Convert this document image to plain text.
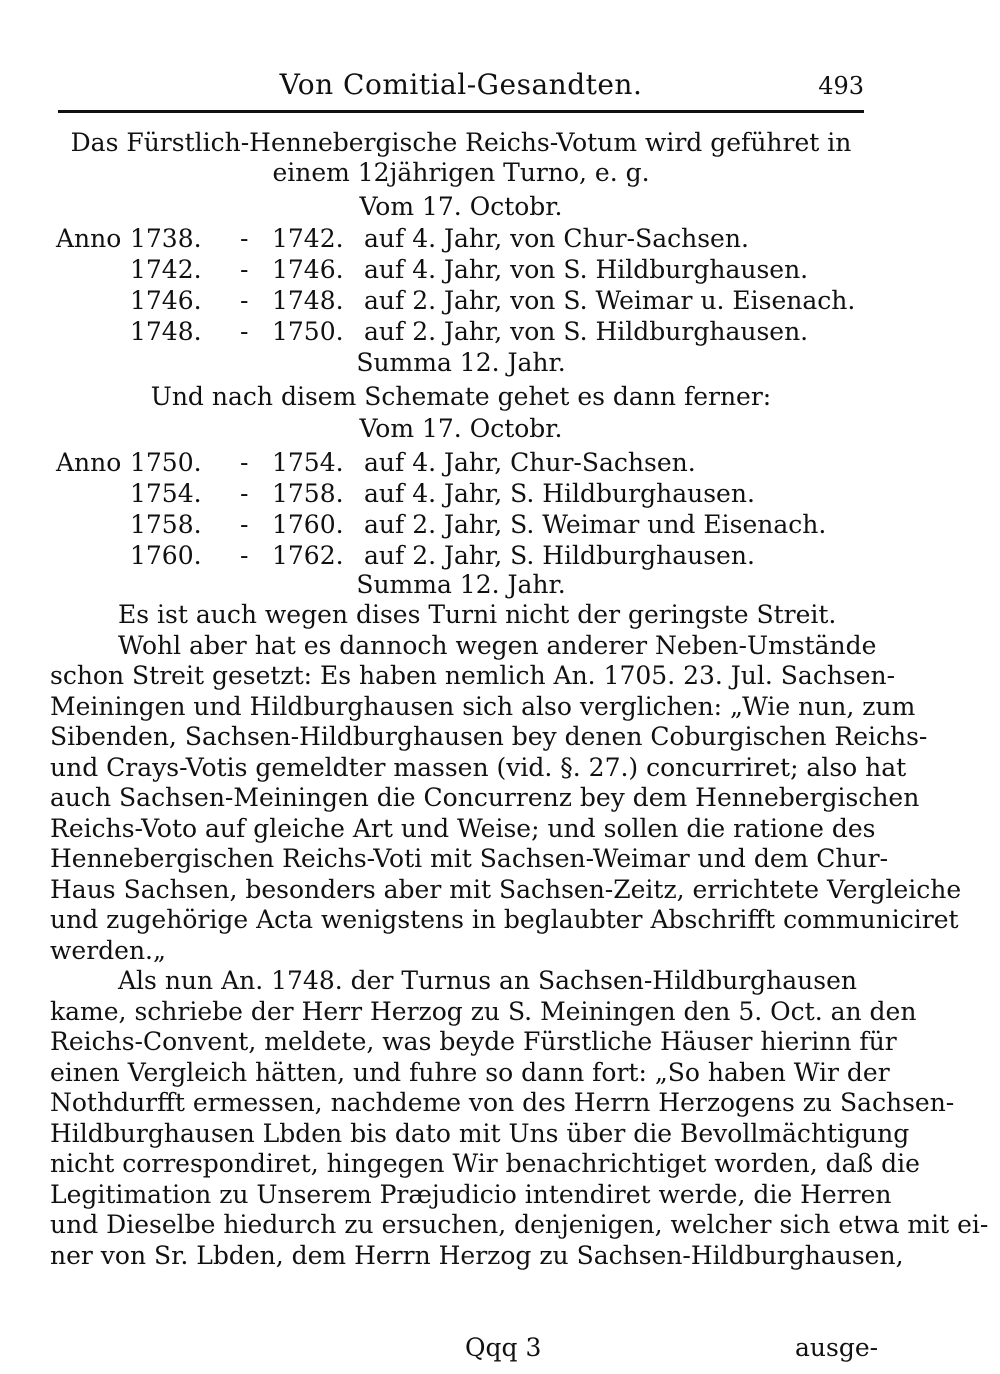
Von Comitial-Gesandten.	493
Das Fürstlich-Hennebergische Reichs-Votum wird geführet in
einem 12jährigen Turno, e. g.
Vom 17. Octobr.
Anno 1738. - 1742. auf 4. Jahr, von Chur-Sachsen.
1742. - 1746. auf 4. Jahr, von S. Hildburghausen.
1746. - 1748. auf 2. Jahr, von S. Weimar u. Eisenach.
1748. - 1750. auf 2. Jahr, von S. Hildburghausen.
Summa 12. Jahr.
Und nach disem Schemate gehet es dann ferner:
Vom 17. Octobr.
Anno 1750. - 1754. auf 4. Jahr, Chur-Sachsen.
1754. - 1758. auf 4. Jahr, S. Hildburghausen.
1758. - 1760. auf 2. Jahr, S. Weimar und Eisenach.
1760. - 1762. auf 2. Jahr, S. Hildburghausen.
Summa 12. Jahr.
Es ist auch wegen dises Turni nicht der geringste Streit.
Wohl aber hat es dannoch wegen anderer Neben-Umstände
schon Streit gesetzt: Es haben nemlich An. 1705. 23. Jul. Sachsen-
Meiningen und Hildburghausen sich also verglichen: „Wie nun, zum
Sibenden, Sachsen-Hildburghausen bey denen Coburgischen Reichs-
und Crays-Votis gemeldter massen (vid. §. 27.) concurriret; also hat
auch Sachsen-Meiningen die Concurrenz bey dem Hennebergischen
Reichs-Voto auf gleiche Art und Weise; und sollen die ratione des
Hennebergischen Reichs-Voti mit Sachsen-Weimar und dem Chur-
Haus Sachsen, besonders aber mit Sachsen-Zeitz, errichtete Vergleiche
und zugehörige Acta wenigstens in beglaubter Abschrifft communiciret
werden.„
Als nun An. 1748. der Turnus an Sachsen-Hildburghausen
kame, schriebe der Herr Herzog zu S. Meiningen den 5. Oct. an den
Reichs-Convent, meldete, was beyde Fürstliche Häuser hierinn für
einen Vergleich hätten, und fuhre so dann fort: „So haben Wir der
Nothdurfft ermessen, nachdeme von des Herrn Herzogens zu Sachsen-
Hildburghausen Lbden bis dato mit Uns über die Bevollmächtigung
nicht correspondiret, hingegen Wir benachrichtiget worden, daß die
Legitimation zu Unserem Præjudicio intendiret werde, die Herren
und Dieselbe hiedurch zu ersuchen, denjenigen, welcher sich etwa mit ei-
ner von Sr. Lbden, dem Herrn Herzog zu Sachsen-Hildburghausen,
Qqq 3	ausge-
